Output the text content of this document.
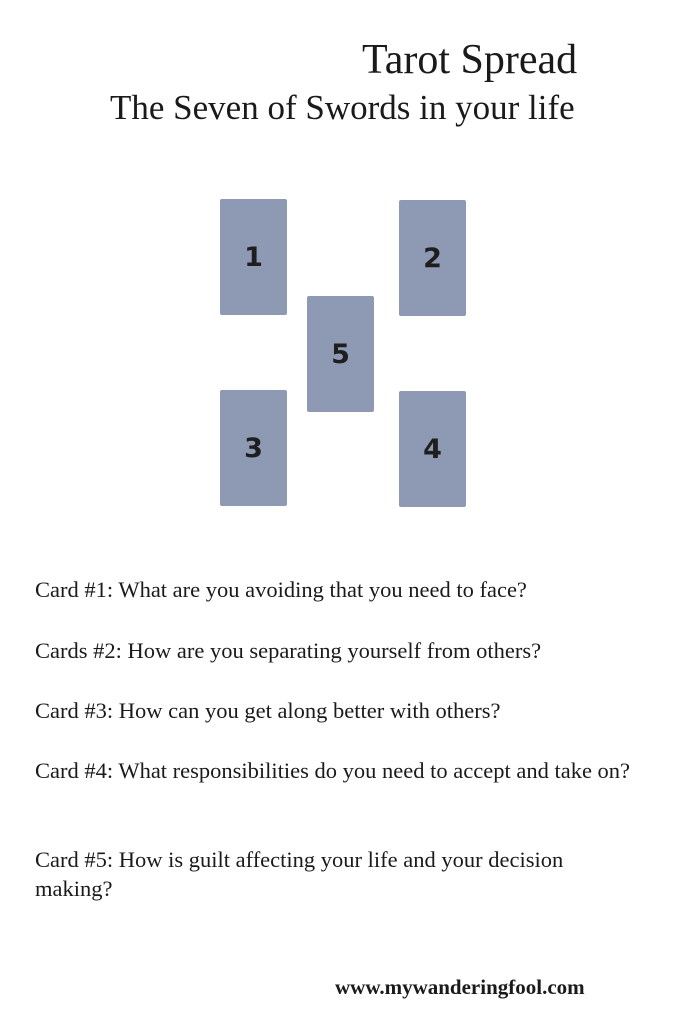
Tarot Spread
The Seven of Swords in your life
1	2
5
3	4
Card #1: What are you avoiding that you need to face?
Cards #2: How are you separating yourself from others?
Card #3: How can you get along better with others?
Card #4: What responsibilities do you need to accept and take on?
Card #5: How is guilt affecting your life and your decision making?
www.mywanderingfool.com
